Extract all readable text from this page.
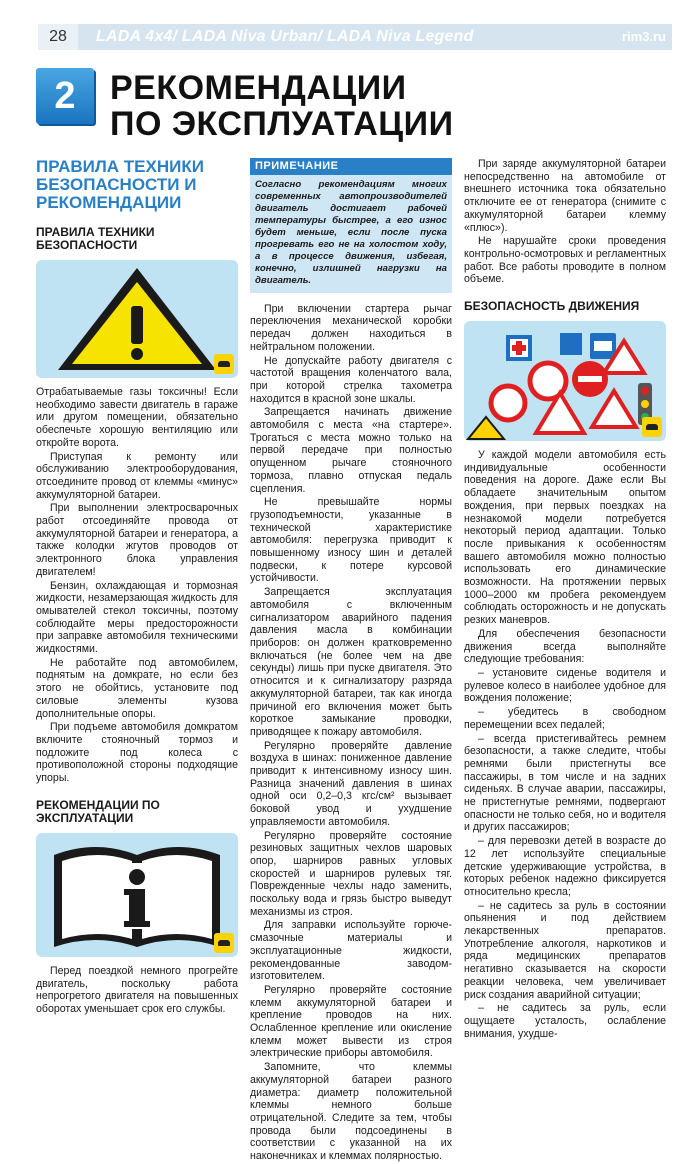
28	LADA 4x4/ LADA Niva Urban/ LADA Niva Legend	rim3.ru
2	РЕКОМЕНДАЦИИ
ПО ЭКСПЛУАТАЦИИ
ПРАВИЛА ТЕХНИКИ БЕЗОПАСНОСТИ И РЕКОМЕНДАЦИИ
ПРАВИЛА ТЕХНИКИ БЕЗОПАСНОСТИ

Отрабатываемые газы токсичны! Если необходимо завести двигатель в гараже или другом помещении, обязательно обеспечьте хорошую вентиляцию или откройте ворота.

Приступая к ремонту или обслуживанию электрооборудования, отсоедините провод от клеммы «минус» аккумуляторной батареи.

При выполнении электросварочных работ отсоединяйте провода от аккумуляторной батареи и генератора, а также колодки жгутов проводов от электронного блока управления двигателем!

Бензин, охлаждающая и тормозная жидкости, незамерзающая жидкость для омывателей стекол токсичны, поэтому соблюдайте меры предосторожности при заправке автомобиля техническими жидкостями.

Не работайте под автомобилем, поднятым на домкрате, но если без этого не обойтись, установите под силовые элементы кузова дополнительные опоры.

При подъеме автомобиля домкратом включите стояночный тормоз и подложите под колеса с противоположной стороны подходящие упоры.

РЕКОМЕНДАЦИИ ПО ЭКСПЛУАТАЦИИ

Перед поездкой немного прогрейте двигатель, поскольку работа непрогретого двигателя на повышенных оборотах уменьшает срок его службы.

ПРИМЕЧАНИЕ
Согласно рекомендациям многих современных автопроизводителей двигатель достигает рабочей температуры быстрее, а его износ будет меньше, если после пуска прогревать его не на холостом ходу, а в процессе движения, избегая, конечно, излишней нагрузки на двигатель.

При включении стартера рычаг переключения механической коробки передач должен находиться в нейтральном положении.

Не допускайте работу двигателя с частотой вращения коленчатого вала, при которой стрелка тахометра находится в красной зоне шкалы.

Запрещается начинать движение автомобиля с места «на стартере». Трогаться с места можно только на первой передаче при полностью опущенном рычаге стояночного тормоза, плавно отпуская педаль сцепления.

Не превышайте нормы грузоподъемности, указанные в технической характеристике автомобиля: перегрузка приводит к повышенному износу шин и деталей подвески, к потере курсовой устойчивости.

Запрещается эксплуатация автомобиля с включенным сигнализатором аварийного падения давления масла в комбинации приборов: он должен кратковременно включаться (не более чем на две секунды) лишь при пуске двигателя. Это относится и к сигнализатору разряда аккумуляторной батареи, так как иногда причиной его включения может быть короткое замыкание проводки, приводящее к пожару автомобиля.

Регулярно проверяйте давление воздуха в шинах: пониженное давление приводит к интенсивному износу шин. Разница значений давления в шинах одной оси 0,2–0,3 кгс/см² вызывает боковой увод и ухудшение управляемости автомобиля.

Регулярно проверяйте состояние резиновых защитных чехлов шаровых опор, шарниров равных угловых скоростей и шарниров рулевых тяг. Поврежденные чехлы надо заменить, поскольку вода и грязь быстро выведут механизмы из строя.

Для заправки используйте горюче-смазочные материалы и эксплуатационные жидкости, рекомендованные заводом-изготовителем.

Регулярно проверяйте состояние клемм аккумуляторной батареи и крепление проводов на них. Ослабленное крепление или окисление клемм может вывести из строя электрические приборы автомобиля.

Запомните, что клеммы аккумуляторной батареи разного диаметра: диаметр положительной клеммы немного больше отрицательной. Следите за тем, чтобы провода были подсоединены в соответствии с указанной на их наконечниках и клеммах полярностью.

При заряде аккумуляторной батареи непосредственно на автомобиле от внешнего источника тока обязательно отключите ее от генератора (снимите с аккумуляторной батареи клемму «плюс»).

Не нарушайте сроки проведения контрольно-осмотровых и регламентных работ. Все работы проводите в полном объеме.

БЕЗОПАСНОСТЬ ДВИЖЕНИЯ

У каждой модели автомобиля есть индивидуальные особенности поведения на дороге. Даже если Вы обладаете значительным опытом вождения, при первых поездках на незнакомой модели потребуется некоторый период адаптации. Только после привыкания к особенностям вашего автомобиля можно полностью использовать его динамические возможности. На протяжении первых 1000–2000 км пробега рекомендуем соблюдать осторожность и не допускать резких маневров.

Для обеспечения безопасности движения всегда выполняйте следующие требования:

– установите сиденье водителя и рулевое колесо в наиболее удобное для вождения положение;

– убедитесь в свободном перемещении всех педалей;

– всегда пристегивайтесь ремнем безопасности, а также следите, чтобы ремнями были пристегнуты все пассажиры, в том числе и на задних сиденьях. В случае аварии, пассажиры, не пристегнутые ремнями, подвергают опасности не только себя, но и водителя и других пассажиров;

– для перевозки детей в возрасте до 12 лет используйте специальные детские удерживающие устройства, в которых ребенок надежно фиксируется относительно кресла;

– не садитесь за руль в состоянии опьянения и под действием лекарственных препаратов. Употребление алкоголя, наркотиков и ряда медицинских препаратов негативно сказывается на скорости реакции человека, чем увеличивает риск создания аварийной ситуации;

– не садитесь за руль, если ощущаете усталость, ослабление внимания, ухудше-
